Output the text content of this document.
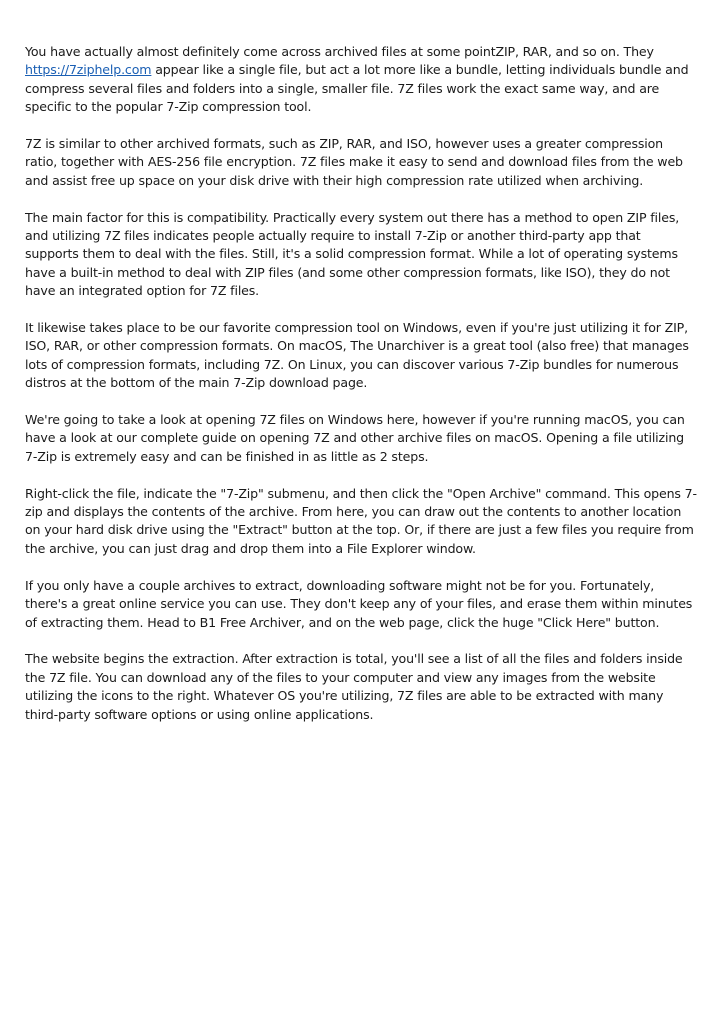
You have actually almost definitely come across archived files at some pointZIP, RAR, and so on. They https://7ziphelp.com appear like a single file, but act a lot more like a bundle, letting individuals bundle and compress several files and folders into a single, smaller file. 7Z files work the exact same way, and are specific to the popular 7-Zip compression tool.

7Z is similar to other archived formats, such as ZIP, RAR, and ISO, however uses a greater compression ratio, together with AES-256 file encryption. 7Z files make it easy to send and download files from the web and assist free up space on your disk drive with their high compression rate utilized when archiving.

The main factor for this is compatibility. Practically every system out there has a method to open ZIP files, and utilizing 7Z files indicates people actually require to install 7-Zip or another third-party app that supports them to deal with the files. Still, it's a solid compression format. While a lot of operating systems have a built-in method to deal with ZIP files (and some other compression formats, like ISO), they do not have an integrated option for 7Z files.

It likewise takes place to be our favorite compression tool on Windows, even if you're just utilizing it for ZIP, ISO, RAR, or other compression formats. On macOS, The Unarchiver is a great tool (also free) that manages lots of compression formats, including 7Z. On Linux, you can discover various 7-Zip bundles for numerous distros at the bottom of the main 7-Zip download page.

We're going to take a look at opening 7Z files on Windows here, however if you're running macOS, you can have a look at our complete guide on opening 7Z and other archive files on macOS. Opening a file utilizing 7-Zip is extremely easy and can be finished in as little as 2 steps.

Right-click the file, indicate the "7-Zip" submenu, and then click the "Open Archive" command. This opens 7-zip and displays the contents of the archive. From here, you can draw out the contents to another location on your hard disk drive using the "Extract" button at the top. Or, if there are just a few files you require from the archive, you can just drag and drop them into a File Explorer window.

If you only have a couple archives to extract, downloading software might not be for you. Fortunately, there's a great online service you can use. They don't keep any of your files, and erase them within minutes of extracting them. Head to B1 Free Archiver, and on the web page, click the huge "Click Here" button.

The website begins the extraction. After extraction is total, you'll see a list of all the files and folders inside the 7Z file. You can download any of the files to your computer and view any images from the website utilizing the icons to the right. Whatever OS you're utilizing, 7Z files are able to be extracted with many third-party software options or using online applications.
